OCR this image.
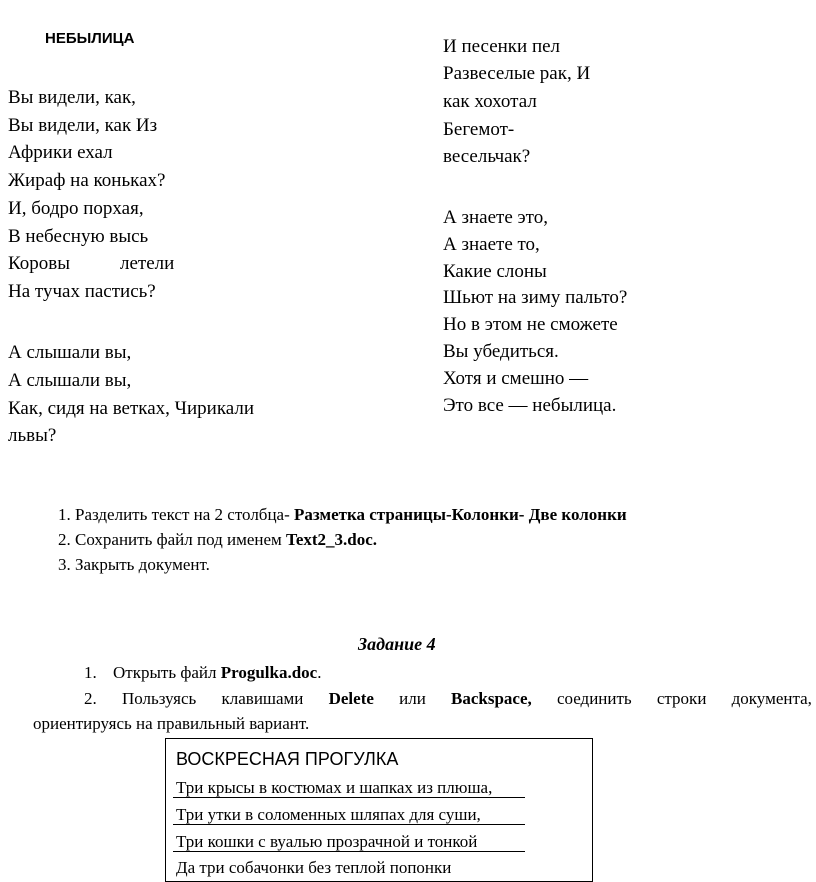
НЕБЫЛИЦА
Вы видели, как,
Вы видели, как Из
Африки ехал
Жираф на коньках?
И, бодро порхая,
В небесную высь
Коровы	летели
На тучах пастись?
А слышали вы,
А слышали вы,
Как, сидя на ветках, Чирикали
львы?
И песенки пел
Развеселые рак, И
как хохотал
Бегемот-
весельчак?
А знаете это,
А знаете то,
Какие слоны
Шьют на зиму пальто?
Но в этом не сможете
Вы убедиться.
Хотя и смешно —
Это все — небылица.
1. Разделить текст на 2 столбца- Разметка страницы-Колонки- Две колонки
2. Сохранить файл под именем Text2_3.doc.
3. Закрыть документ.
Задание 4
1. Открыть файл Progulka.doc.
2. Пользуясь клавишами Delete или Backspace, соединить строки документа,
ориентируясь на правильный вариант.
ВОСКРЕСНАЯ ПРОГУЛКА
Три крысы в костюмах и шапках из плюша,
Три утки в соломенных шляпах для суши,
Три кошки с вуалью прозрачной и тонкой
Да три собачонки без теплой попонки
